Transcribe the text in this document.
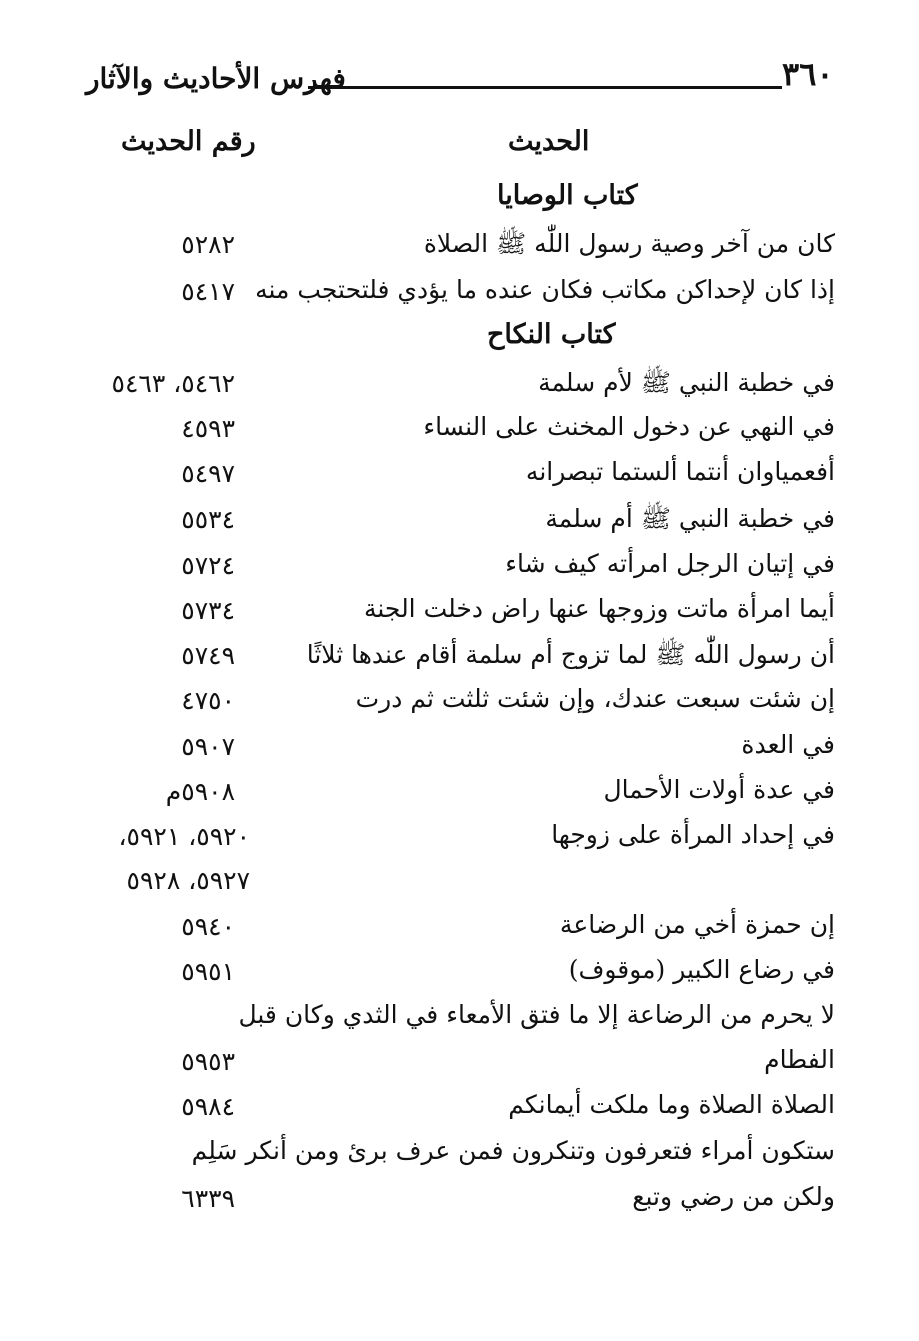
٣٦٠
فهرس الأحاديث والآثار
الحديث
رقم الحديث
كتاب الوصايا
كان من آخر وصية رسول اللّٰه ﷺ الصلاة
٥٢٨٢
إذا كان لإحداكن مكاتب فكان عنده ما يؤدي فلتحتجب منه
٥٤١٧
كتاب النكاح
في خطبة النبي ﷺ لأم سلمة
٥٤٦٢، ٥٤٦٣
في النهي عن دخول المخنث على النساء
٤٥٩٣
أفعمياوان أنتما ألستما تبصرانه
٥٤٩٧
في خطبة النبي ﷺ أم سلمة
٥٥٣٤
في إتيان الرجل امرأته كيف شاء
٥٧٢٤
أيما امرأة ماتت وزوجها عنها راض دخلت الجنة
٥٧٣٤
أن رسول اللّٰه ﷺ لما تزوج أم سلمة أقام عندها ثلاثًا
٥٧٤٩
إن شئت سبعت عندك، وإن شئت ثلثت ثم درت
٤٧٥٠
في العدة
٥٩٠٧
في عدة أولات الأحمال
٥٩٠٨م
في إحداد المرأة على زوجها
٥٩٢٠، ٥٩٢١،
٥٩٢٧، ٥٩٢٨
إن حمزة أخي من الرضاعة
٥٩٤٠
في رضاع الكبير (موقوف)
٥٩٥١
لا يحرم من الرضاعة إلا ما فتق الأمعاء في الثدي وكان قبل
الفطام
٥٩٥٣
الصلاة الصلاة وما ملكت أيمانكم
٥٩٨٤
ستكون أمراء فتعرفون وتنكرون فمن عرف برئ ومن أنكر سَلِم
ولكن من رضي وتبع
٦٣٣٩
